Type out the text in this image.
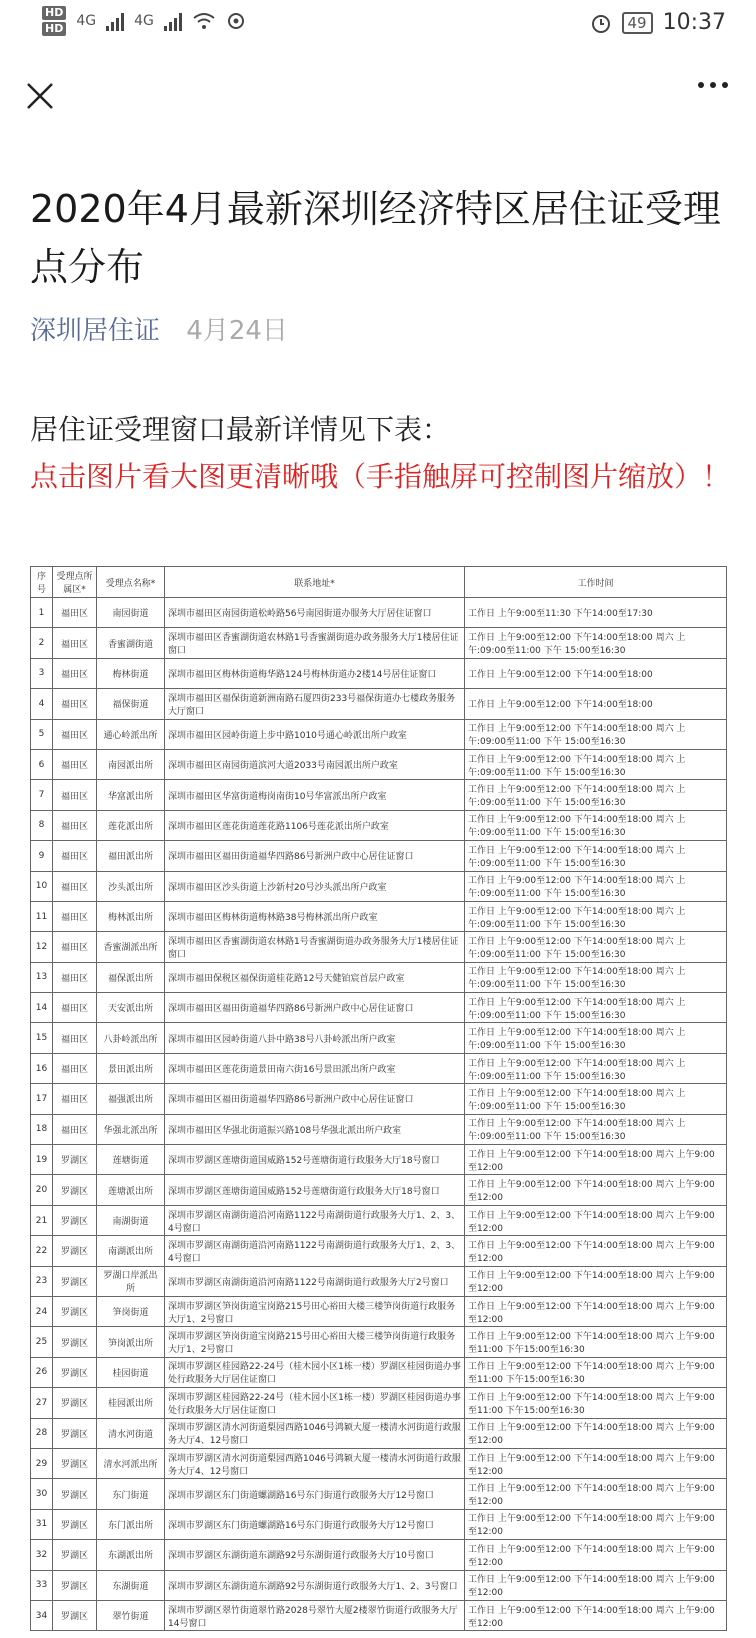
HD
HD 4G	4G	49 10:37
2020年4月最新深圳经济特区居住证受理点分布
深圳居住证 4月24日
居住证受理窗口最新详情见下表：
点击图片看大图更清晰哦（手指触屏可控制图片缩放）！
序号	受理点所属区*	受理点名称*	联系地址*	工作时间
1	福田区	南园街道	深圳市福田区南园街道松岭路56号南园街道办服务大厅居住证窗口	工作日 上午9:00至11:30 下午14:00至17:30
2	福田区	香蜜湖街道	深圳市福田区香蜜湖街道农林路1号香蜜湖街道办政务服务大厅1楼居住证窗口	工作日 上午9:00至12:00 下午14:00至18:00 周六 上午:09:00至11:00 下午 15:00至16:30
3	福田区	梅林街道	深圳市福田区梅林街道梅华路124号梅林街道办2楼14号居住证窗口	工作日 上午9:00至12:00 下午14:00至18:00
4	福田区	福保街道	深圳市福田区福保街道新洲南路石厦四街233号福保街道办七楼政务服务大厅窗口	工作日 上午9:00至12:00 下午14:00至18:00
5	福田区	通心岭派出所	深圳市福田区园岭街道上步中路1010号通心岭派出所户政室	工作日 上午9:00至12:00 下午14:00至18:00 周六 上午:09:00至11:00 下午 15:00至16:30
6	福田区	南园派出所	深圳市福田区南园街道滨河大道2033号南园派出所户政室	工作日 上午9:00至12:00 下午14:00至18:00 周六 上午:09:00至11:00 下午 15:00至16:30
7	福田区	华富派出所	深圳市福田区华富街道梅岗南街10号华富派出所户政室	工作日 上午9:00至12:00 下午14:00至18:00 周六 上午:09:00至11:00 下午 15:00至16:30
8	福田区	莲花派出所	深圳市福田区莲花街道莲花路1106号莲花派出所户政室	工作日 上午9:00至12:00 下午14:00至18:00 周六 上午:09:00至11:00 下午 15:00至16:30
9	福田区	福田派出所	深圳市福田区福田街道福华四路86号新洲户政中心居住证窗口	工作日 上午9:00至12:00 下午14:00至18:00 周六 上午:09:00至11:00 下午 15:00至16:30
10	福田区	沙头派出所	深圳市福田区沙头街道上沙新村20号沙头派出所户政室	工作日 上午9:00至12:00 下午14:00至18:00 周六 上午:09:00至11:00 下午 15:00至16:30
11	福田区	梅林派出所	深圳市福田区梅林街道梅林路38号梅林派出所户政室	工作日 上午9:00至12:00 下午14:00至18:00 周六 上午:09:00至11:00 下午 15:00至16:30
12	福田区	香蜜湖派出所	深圳市福田区香蜜湖街道农林路1号香蜜湖街道办政务服务大厅1楼居住证窗口	工作日 上午9:00至12:00 下午14:00至18:00 周六 上午:09:00至11:00 下午 15:00至16:30
13	福田区	福保派出所	深圳市福田保税区福保街道桂花路12号天健铂宸首层户政室	工作日 上午9:00至12:00 下午14:00至18:00 周六 上午:09:00至11:00 下午 15:00至16:30
14	福田区	天安派出所	深圳市福田区福田街道福华四路86号新洲户政中心居住证窗口	工作日 上午9:00至12:00 下午14:00至18:00 周六 上午:09:00至11:00 下午 15:00至16:30
15	福田区	八卦岭派出所	深圳市福田区园岭街道八卦中路38号八卦岭派出所户政室	工作日 上午9:00至12:00 下午14:00至18:00 周六 上午:09:00至11:00 下午 15:00至16:30
16	福田区	景田派出所	深圳市福田区莲花街道景田南六街16号景田派出所户政室	工作日 上午9:00至12:00 下午14:00至18:00 周六 上午:09:00至11:00 下午 15:00至16:30
17	福田区	福强派出所	深圳市福田区福田街道福华四路86号新洲户政中心居住证窗口	工作日 上午9:00至12:00 下午14:00至18:00 周六 上午:09:00至11:00 下午 15:00至16:30
18	福田区	华强北派出所	深圳市福田区华强北街道振兴路108号华强北派出所户政室	工作日 上午9:00至12:00 下午14:00至18:00 周六 上午:09:00至11:00 下午 15:00至16:30
19	罗湖区	莲塘街道	深圳市罗湖区莲塘街道国威路152号莲塘街道行政服务大厅18号窗口	工作日 上午9:00至12:00 下午14:00至18:00 周六 上午9:00至12:00
20	罗湖区	莲塘派出所	深圳市罗湖区莲塘街道国威路152号莲塘街道行政服务大厅18号窗口	工作日 上午9:00至12:00 下午14:00至18:00 周六 上午9:00至12:00
21	罗湖区	南湖街道	深圳市罗湖区南湖街道沿河南路1122号南湖街道行政服务大厅1、2、3、4号窗口	工作日 上午9:00至12:00 下午14:00至18:00 周六 上午9:00至12:00
22	罗湖区	南湖派出所	深圳市罗湖区南湖街道沿河南路1122号南湖街道行政服务大厅1、2、3、4号窗口	工作日 上午9:00至12:00 下午14:00至18:00 周六 上午9:00至12:00
23	罗湖区	罗湖口岸派出所	深圳市罗湖区南湖街道沿河南路1122号南湖街道行政服务大厅2号窗口	工作日 上午9:00至12:00 下午14:00至18:00 周六 上午9:00至12:00
24	罗湖区	笋岗街道	深圳市罗湖区笋岗街道宝岗路215号田心裕田大楼三楼笋岗街道行政服务大厅1、2号窗口	工作日 上午9:00至12:00 下午14:00至18:00 周六 上午9:00至12:00
25	罗湖区	笋岗派出所	深圳市罗湖区笋岗街道宝岗路215号田心裕田大楼三楼笋岗街道行政服务大厅1、2号窗口	工作日 上午9:00至12:00 下午14:00至18:00 周六 上午9:00至11:00 下午15:00至16:30
26	罗湖区	桂园街道	深圳市罗湖区桂园路22-24号（桂木园小区1栋一楼）罗湖区桂园街道办事处行政服务大厅居住证窗口	工作日 上午9:00至12:00 下午14:00至18:00 周六 上午9:00至11:00 下午15:00至16:30
27	罗湖区	桂园派出所	深圳市罗湖区桂园路22-24号（桂木园小区1栋一楼）罗湖区桂园街道办事处行政服务大厅居住证窗口	工作日 上午9:00至12:00 下午14:00至18:00 周六 上午9:00至11:00 下午15:00至16:30
28	罗湖区	清水河街道	深圳市罗湖区清水河街道梨园西路1046号鸿颖大厦一楼清水河街道行政服务大厅4、12号窗口	工作日 上午9:00至12:00 下午14:00至18:00 周六 上午9:00至12:00
29	罗湖区	清水河派出所	深圳市罗湖区清水河街道梨园西路1046号鸿颖大厦一楼清水河街道行政服务大厅4、12号窗口	工作日 上午9:00至12:00 下午14:00至18:00 周六 上午9:00至12:00
30	罗湖区	东门街道	深圳市罗湖区东门街道螺湖路16号东门街道行政服务大厅12号窗口	工作日 上午9:00至12:00 下午14:00至18:00 周六 上午9:00至12:00
31	罗湖区	东门派出所	深圳市罗湖区东门街道螺湖路16号东门街道行政服务大厅12号窗口	工作日 上午9:00至12:00 下午14:00至18:00 周六 上午9:00至12:00
32	罗湖区	东湖派出所	深圳市罗湖区东湖街道东湖路92号东湖街道行政服务大厅10号窗口	工作日 上午9:00至12:00 下午14:00至18:00 周六 上午9:00至12:00
33	罗湖区	东湖街道	深圳市罗湖区东湖街道东湖路92号东湖街道行政服务大厅1、2、3号窗口	工作日 上午9:00至12:00 下午14:00至18:00 周六 上午9:00至12:00
34	罗湖区	翠竹街道	深圳市罗湖区翠竹街道翠竹路2028号翠竹大厦2楼翠竹街道行政服务大厅14号窗口	工作日 上午9:00至12:00 下午14:00至18:00 周六 上午9:00至12:00
